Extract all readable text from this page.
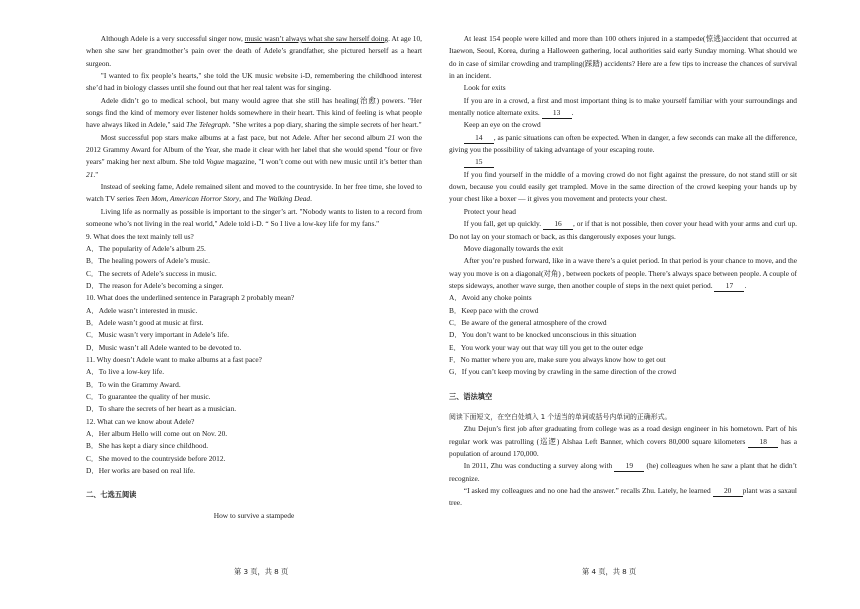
Although Adele is a very successful singer now, music wasn’t always what she saw herself doing. At age 10, when she saw her grandmother’s pain over the death of Adele’s grandfather, she pictured herself as a heart surgeon.

"I wanted to fix people’s hearts," she told the UK music website i-D, remembering the childhood interest she’d had in biology classes until she found out that her real talent was for singing.

Adele didn’t go to medical school, but many would agree that she still has healing(治愈) powers. "Her songs find the kind of memory ever listener holds somewhere in their heart. This kind of feeling is what people have always liked in Adele," said The Telegraph. "She writes a pop diary, sharing the simple secrets of her heart."

Most successful pop stars make albums at a fast pace, but not Adele. After her second album 21 won the 2012 Grammy Award for Album of the Year, she made it clear with her label that she would spend "four or five years" making her next album. She told Vogue magazine, "I won’t come out with new music until it’s better than 21."

Instead of seeking fame, Adele remained silent and moved to the countryside. In her free time, she loved to watch TV series Teen Mom, American Horror Story, and The Walking Dead.

Living life as normally as possible is important to the singer’s art. "Nobody wants to listen to a record from someone who’s not living in the real world," Adele told i-D. “ So I live a low-key life for my fans."

9. What does the text mainly tell us?

A．The popularity of Adele’s album 25.

B．The healing powers of Adele’s music.

C．The secrets of Adele’s success in music.

D．The reason for Adele’s becoming a singer.

10. What does the underlined sentence in Paragraph 2 probably mean?

A．Adele wasn’t interested in music.

B．Adele wasn’t good at music at first.

C．Music wasn’t very important in Adele’s life.

D．Music wasn’t all Adele wanted to be devoted to.

11. Why doesn’t Adele want to make albums at a fast pace?

A．To live a low-key life.

B．To win the Grammy Award.

C．To guarantee the quality of her music.

D．To share the secrets of her heart as a musician.

12. What can we know about Adele?

A．Her album Hello will come out on Nov. 20.

B．She has kept a diary since childhood.

C．She moved to the countryside before 2012.

D．Her works are based on real life.

二、七选五阅读

How to survive a stampede

At least 154 people were killed and more than 100 others injured in a stampede(惊逃)accident that occurred at Itaewon, Seoul, Korea, during a Halloween gathering, local authorities said early Sunday morning. What should we do in case of similar crowding and trampling(踩踏) accidents? Here are a few tips to increase the chances of survival in an incident.

Look for exits

If you are in a crowd, a first and most important thing is to make yourself familiar with your surroundings and mentally notice alternate exits. 13 .

Keep an eye on the crowd

14 , as panic situations can often be expected. When in danger, a few seconds can make all the difference, giving you the possibility of taking advantage of your escaping route.

15

If you find yourself in the middle of a moving crowd do not fight against the pressure, do not stand still or sit down, because you could easily get trampled. Move in the same direction of the crowd keeping your hands up by your chest like a boxer — it gives you movement and protects your chest.

Protect your head

If you fall, get up quickly. 16 , or if that is not possible, then cover your head with your arms and curl up. Do not lay on your stomach or back, as this dangerously exposes your lungs.

Move diagonally towards the exit

After you’re pushed forward, like in a wave there’s a quiet period. In that period is your chance to move, and the way you move is on a diagonal(对角) , between pockets of people. There’s always space between people. A couple of steps sideways, another wave surge, then another couple of steps in the next quiet period. 17 .

A．Avoid any choke points

B．Keep pace with the crowd

C．Be aware of the general atmosphere of the crowd

D．You don’t want to be knocked unconscious in this situation

E．You work your way out that way till you get to the outer edge

F．No matter where you are, make sure you always know how to get out

G．If you can’t keep moving by crawling in the same direction of the crowd

三、语法填空

阅读下面短文，在空白处填入 1 个适当的单词或括号内单词的正确形式。

Zhu Dejun’s first job after graduating from college was as a road design engineer in his hometown. Part of his regular work was patrolling (巡逻) Alshaa Left Banner, which covers 80,000 square kilometers 18 has a population of around 170,000.

In 2011, Zhu was conducting a survey along with 19 (he) colleagues when he saw a plant that he didn’t recognize.

“I asked my colleagues and no one had the answer.” recalls Zhu. Lately, he learned 20 plant was a saxaul tree.

第 3 页，共 8 页	第 4 页，共 8 页
